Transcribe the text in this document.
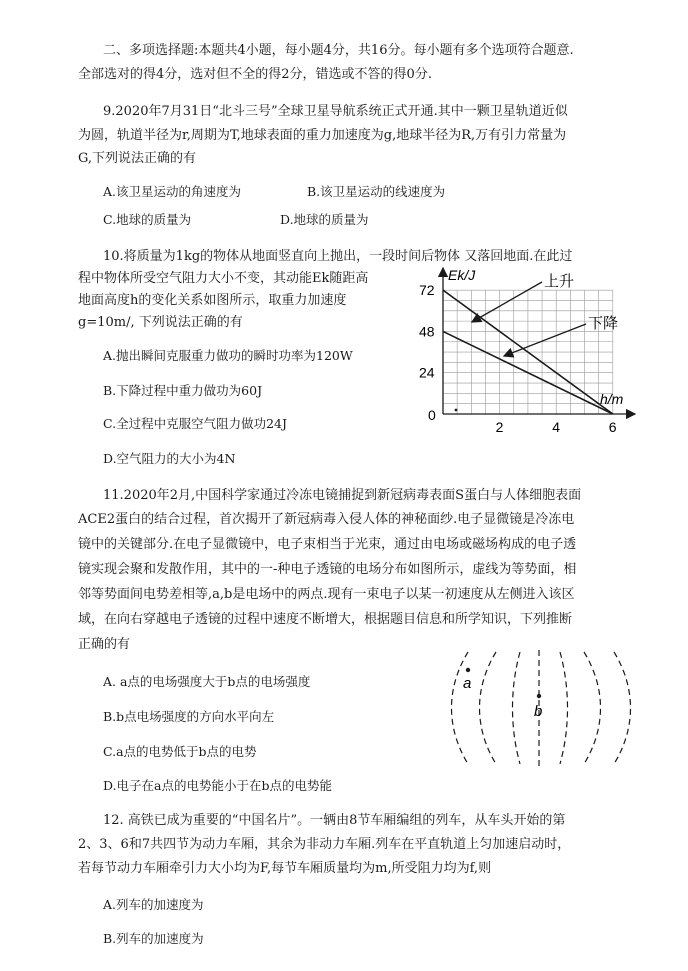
二、多项选择题:本题共4小题，每小题4分，共16分。每小题有多个选项符合题意.
全部选对的得4分，选对但不全的得2分，错选或不答的得0分.
9.2020年7月31日“北斗三号”全球卫星导航系统正式开通.其中一颗卫星轨道近似
为圆，轨道半径为r,周期为T,地球表面的重力加速度为g,地球半径为R,万有引力常量为
G,下列说法正确的有
A.该卫星运动的角速度为	B.该卫星运动的线速度为
C.地球的质量为	D.地球的质量为
10.将质量为1kg的物体从地面竖直向上抛出，一段时间后物体 又落回地面.在此过
程中物体所受空气阻力大小不变，其动能Ek随距高
地面高度h的变化关系如图所示，取重力加速度
g=10m/, 下列说法正确的有
A.抛出瞬间克服重力做功的瞬时功率为120W
B.下降过程中重力做功为60J
C.全过程中克服空气阻力做功24J
D.空气阻力的大小为4N
24
48
72
2	4	6
Ek/J
h/m
0
上升
下降
11.2020年2月,中国科学家通过冷冻电镜捕捉到新冠病毒表面S蛋白与人体细胞表面
ACE2蛋白的结合过程，首次揭开了新冠病毒入侵人体的神秘面纱.电子显微镜是冷冻电
镜中的关键部分.在电子显微镜中，电子束相当于光束，通过由电场或磁场构成的电子透
镜实现会聚和发散作用，其中的一-种电子透镜的电场分布如图所示，虚线为等势面，相
邻等势面间电势差相等,a,b是电场中的两点.现有一束电子以某一初速度从左侧进入该区
域，在向右穿越电子透镜的过程中速度不断增大，根据题目信息和所学知识，下列推断
正确的有
A. a点的电场强度大于b点的电场强度
B.b点电场强度的方向水平向左
C.a点的电势低于b点的电势
D.电子在a点的电势能小于在b点的电势能
a
b
12. 高铁已成为重要的“中国名片”。一辆由8节车厢编组的列车，从车头开始的第
2、3、6和7共四节为动力车厢，其余为非动力车厢.列车在平直轨道上匀加速启动时，
若每节动力车厢牵引力大小均为F,每节车厢质量均为m,所受阻力均为f,则
A.列车的加速度为
B.列车的加速度为
